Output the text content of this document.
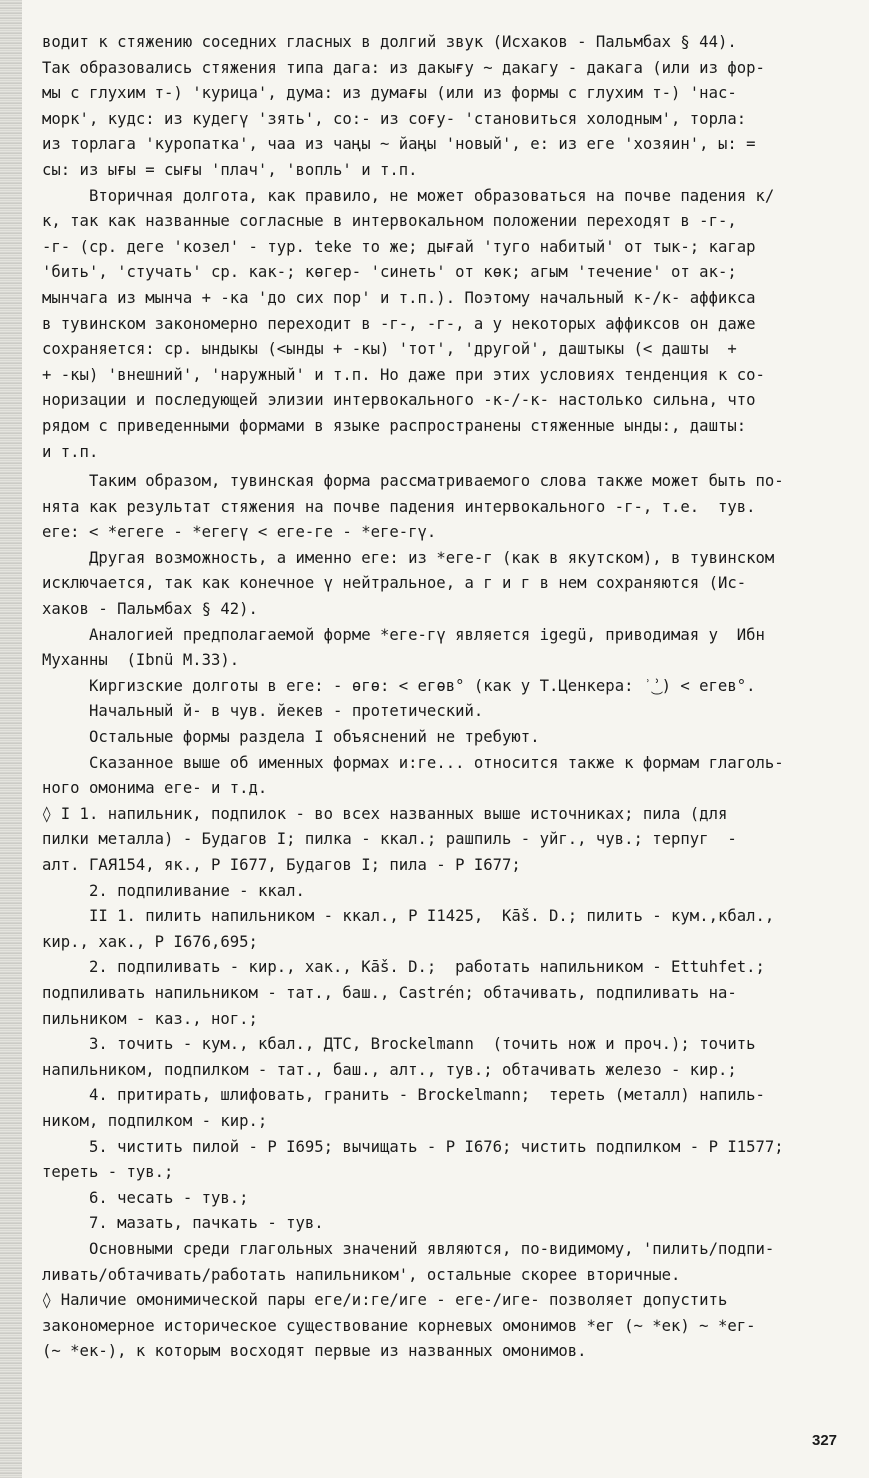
водит к стяжению соседних гласных в долгий звук (Исхаков - Пальмбах § 44).

Так образовались стяжения типа дага: из дакығу ~ дакагу - дакага (или из фор-

мы с глухим т-) 'курица', дума: из думағы (или из формы с глухим т-) 'нас-

морк', кудс: из кудегү 'зять', со:- из соғу- 'становиться холодным', торла:

из торлага 'куропатка', чаа из чаңы ~ йаңы 'новый', е: из еге 'хозяин', ы: =

сы: из ығы = сығы 'плач', 'вопль' и т.п.

Вторичная долгота, как правило, не может образоваться на почве падения к/

к, так как названные согласные в интервокальном положении переходят в -г-,

-г- (ср. деге 'козел' - тур. teke то же; дығай 'туго набитый' от тык-; кагар

'бить', 'стучать' ср. как-; көгер- 'синеть' от көк; агым 'течение' от ак-;

мынчага из мынча + -ка 'до сих пор' и т.п.). Поэтому начальный к-/к- аффикса

в тувинском закономерно переходит в -г-, -г-, а у некоторых аффиксов он даже

сохраняется: ср. ындыкы (<ынды + -кы) 'тот', 'другой', даштыкы (< дашты  +

+ -кы) 'внешний', 'наружный' и т.п. Но даже при этих условиях тенденция к со-

норизации и последующей элизии интервокального -к-/-к- настолько сильна, что

рядом с приведенными формами в языке распространены стяженные ынды:, дашты:

и т.п.

Таким образом, тувинская форма рассматриваемого слова также может быть по-

нята как результат стяжения на почве падения интервокального -г-, т.е.  тув.

еге: < *егеге - *егегү < еге-ге - *еге-гү.

Другая возможность, а именно еге: из *еге-г (как в якутском), в тувинском

исключается, так как конечное ү нейтральное, а г и г в нем сохраняются (Ис-

хаков - Пальмбах § 42).

Аналогией предполагаемой форме *еге-гү является igegü, приводимая у  Ибн

Муханны  (Ibnü M.33).

Киргизские долготы в еге: - өгө: < егөв° (как у Т.Ценкера: ʾ͜ʾ) < егев°.

Начальный й- в чув. йекев - протетический.

Остальные формы раздела I объяснений не требуют.

Сказанное выше об именных формах и:ге... относится также к формам глаголь-

ного омонима еге- и т.д.

◊ I 1. напильник, подпилок - во всех названных выше источниках; пила (для

пилки металла) - Будагов I; пилка - ккал.; рашпиль - уйг., чув.; терпуг  -

алт. ГАЯ154, як., Р I677, Будагов I; пила - Р I677;

2. подпиливание - ккал.

II 1. пилить напильником - ккал., Р I1425,  Kāš. D.; пилить - кум.,кбал.,

кир., хак., Р I676,695;

2. подпиливать - кир., хак., Kāš. D.;  работать напильником - Ettuhfet.;

подпиливать напильником - тат., баш., Castrén; обтачивать, подпиливать на-

пильником - каз., ног.;

3. точить - кум., кбал., ДТС, Brockelmann  (точить нож и проч.); точить

напильником, подпилком - тат., баш., алт., тув.; обтачивать железо - кир.;

4. притирать, шлифовать, гранить - Brockelmann;  тереть (металл) напиль-

ником, подпилком - кир.;

5. чистить пилой - Р I695; вычищать - Р I676; чистить подпилком - Р I1577;

тереть - тув.;

6. чесать - тув.;

7. мазать, пачкать - тув.

Основными среди глагольных значений являются, по-видимому, 'пилить/подпи-

ливать/обтачивать/работать напильником', остальные скорее вторичные.

◊ Наличие омонимической пары еге/и:ге/иге - еге-/иге- позволяет допустить

закономерное историческое существование корневых омонимов *ег (~ *ек) ~ *ег-

(~ *ек-), к которым восходят первые из названных омонимов.

327
